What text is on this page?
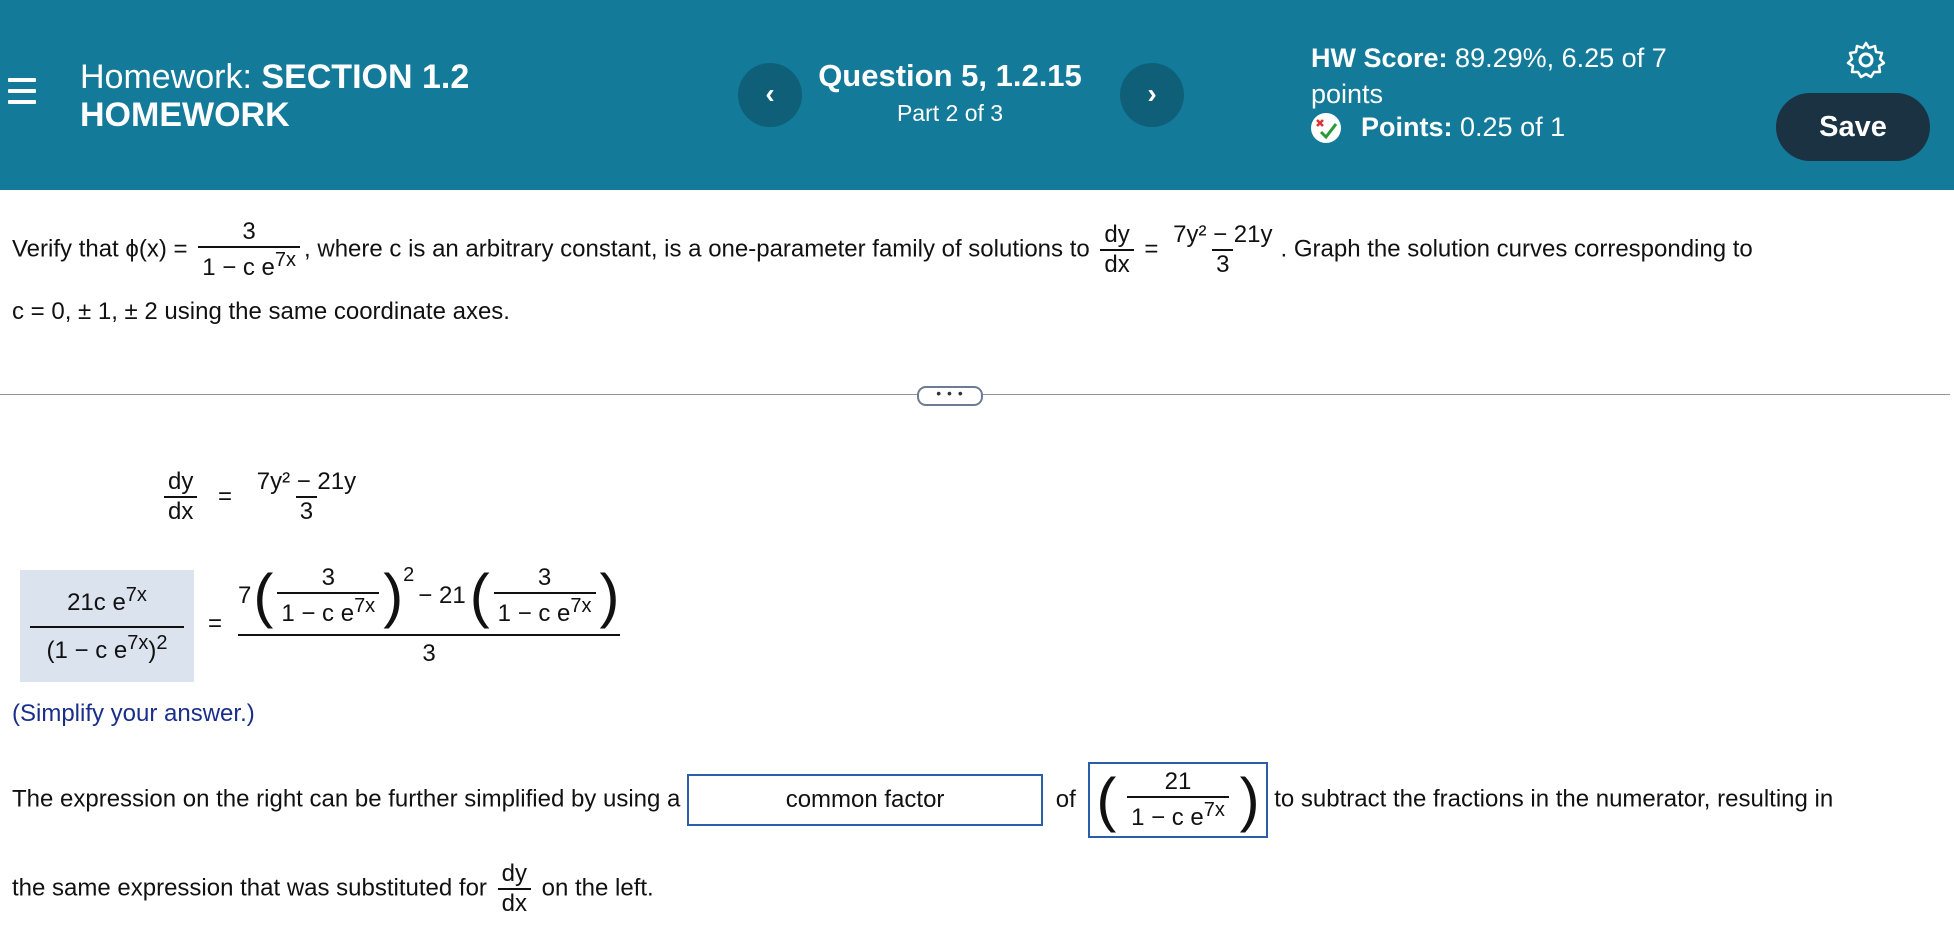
Homework: SECTION 1.2
HOMEWORK
‹
Question 5, 1.2.15
Part 2 of 3
›
HW Score: 89.29%, 6.25 of 7
points
Points:
0.25 of 1	Save
Verify that $\phi(x) = \frac{3}{1 - c e^{7x}}$ , where c is an arbitrary constant, is a one-parameter family of solutions to $\frac{dy}{dx} = \frac{\text{7y² − 21y}}{3}$ . Graph the solution curves corresponding to
c = 0, ± 1, ± 2 using the same coordinate axes.
• • •
$\frac{dy}{dx} = \frac{\text{7y² − 21y}}{3}$
21c $e^{7x}$
(1 − c $e^{7x})^2$
=
7 ( $\frac{3}{1 - c e^{7x}} )^2$
− 21 ( $\frac{3}{1 - c e^{7x}}$ )
3
(Simplify your answer.)
The expression on the right can be further simplified by using a	common factor	of ( $\frac{21}{1 - c e^{7x}}$ ) to subtract the fractions in the numerator, resulting in
the same expression that was substituted for $\frac{dy}{dx}$ on the left.
